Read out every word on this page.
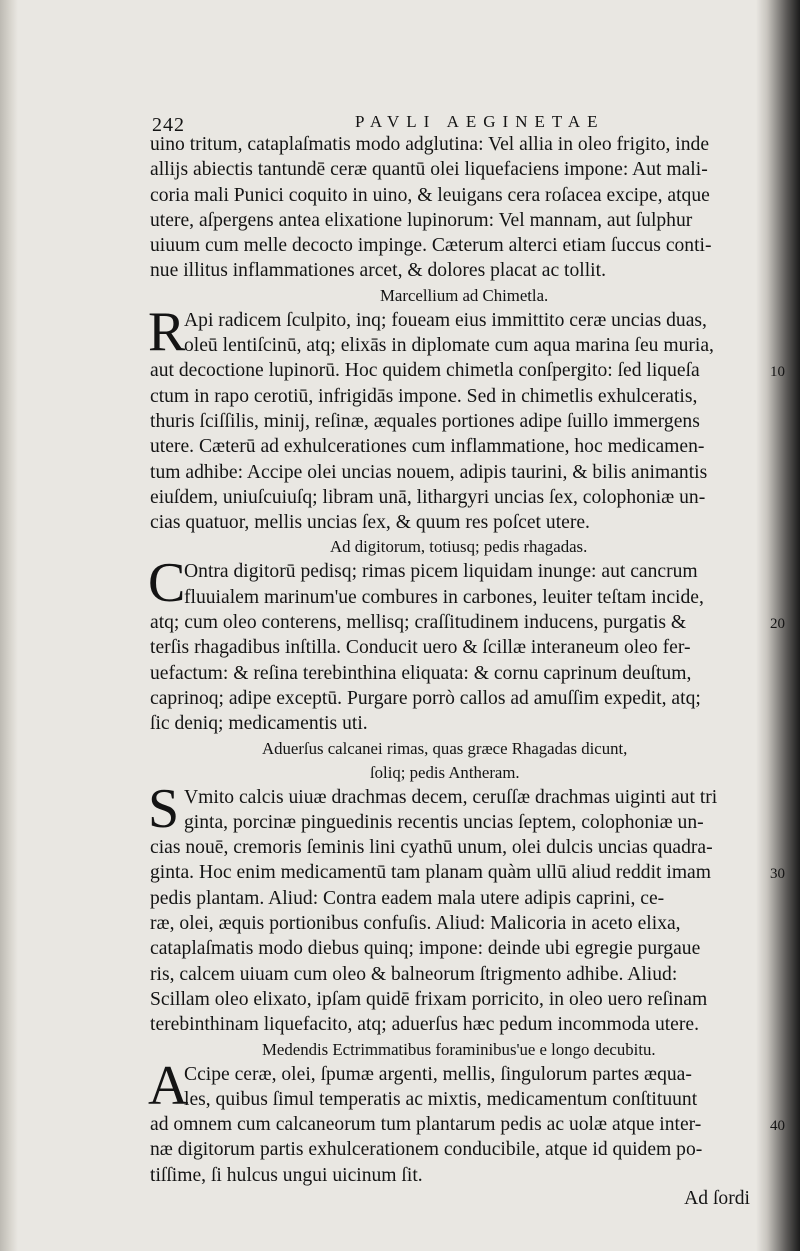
242	PAVLI AEGINETAE
uino tritum, cataplaſmatis modo adglutina: Vel allia in oleo frigito, inde
allijs abiectis tantundē ceræ quantū olei liquefaciens impone: Aut mali-
coria mali Punici coquito in uino, & leuigans cera roſacea excipe, atque
utere, aſpergens antea elixatione lupinorum: Vel mannam, aut ſulphur
uiuum cum melle decocto impinge. Cæterum alterci etiam ſuccus conti-
nue illitus inflammationes arcet, & dolores placat ac tollit.
Marcellium ad Chimetla.
R
Api radicem ſculpito, inq; foueam eius immittito ceræ uncias duas,
oleū lentiſcinū, atq; elixās in diplomate cum aqua marina ſeu muria,
aut decoctione lupinorū. Hoc quidem chimetla conſpergito: ſed liqueſa	10
ctum in rapo cerotiū, infrigidās impone. Sed in chimetlis exhulceratis,
thuris ſciſſilis, minij, reſinæ, æquales portiones adipe ſuillo immergens
utere. Cæterū ad exhulcerationes cum inflammatione, hoc medicamen-
tum adhibe: Accipe olei uncias nouem, adipis taurini, & bilis animantis
eiuſdem, uniuſcuiuſq; libram unā, lithargyri uncias ſex, colophoniæ un-
cias quatuor, mellis uncias ſex, & quum res poſcet utere.
Ad digitorum, totiusq; pedis rhagadas.
C
Ontra digitorū pedisq; rimas picem liquidam inunge: aut cancrum
fluuialem marinum'ue combures in carbones, leuiter teſtam incide,
atq; cum oleo conterens, mellisq; craſſitudinem inducens, purgatis &	20
terſis rhagadibus inſtilla. Conducit uero & ſcillæ interaneum oleo fer-
uefactum: & reſina terebinthina eliquata: & cornu caprinum deuſtum,
caprinoq; adipe exceptū. Purgare porrò callos ad amuſſim expedit, atq;
ſic deniq; medicamentis uti.
Aduerſus calcanei rimas, quas græce Rhagadas dicunt,
ſoliq; pedis Antheram.
S Vmito calcis uiuæ drachmas decem, ceruſſæ drachmas uiginti aut tri
ginta, porcinæ pinguedinis recentis uncias ſeptem, colophoniæ un-
cias nouē, cremoris ſeminis lini cyathū unum, olei dulcis uncias quadra-
ginta. Hoc enim medicamentū tam planam quàm ullū aliud reddit imam	30
pedis plantam. Aliud: Contra eadem mala utere adipis caprini, ce-
ræ, olei, æquis portionibus confuſis. Aliud: Malicoria in aceto elixa,
cataplaſmatis modo diebus quinq; impone: deinde ubi egregie purgaue
ris, calcem uiuam cum oleo & balneorum ſtrigmento adhibe. Aliud:
Scillam oleo elixato, ipſam quidē frixam porricito, in oleo uero reſinam
terebinthinam liquefacito, atq; aduerſus hæc pedum incommoda utere.
Medendis Ectrimmatibus foraminibus'ue e longo decubitu.
A
Ccipe ceræ, olei, ſpumæ argenti, mellis, ſingulorum partes æqua-
les, quibus ſimul temperatis ac mixtis, medicamentum conſtituunt
ad omnem cum calcaneorum tum plantarum pedis ac uolæ atque inter-	40
næ digitorum partis exhulcerationem conducibile, atque id quidem po-
tiſſime, ſi hulcus ungui uicinum ſit.
Ad ſordi
